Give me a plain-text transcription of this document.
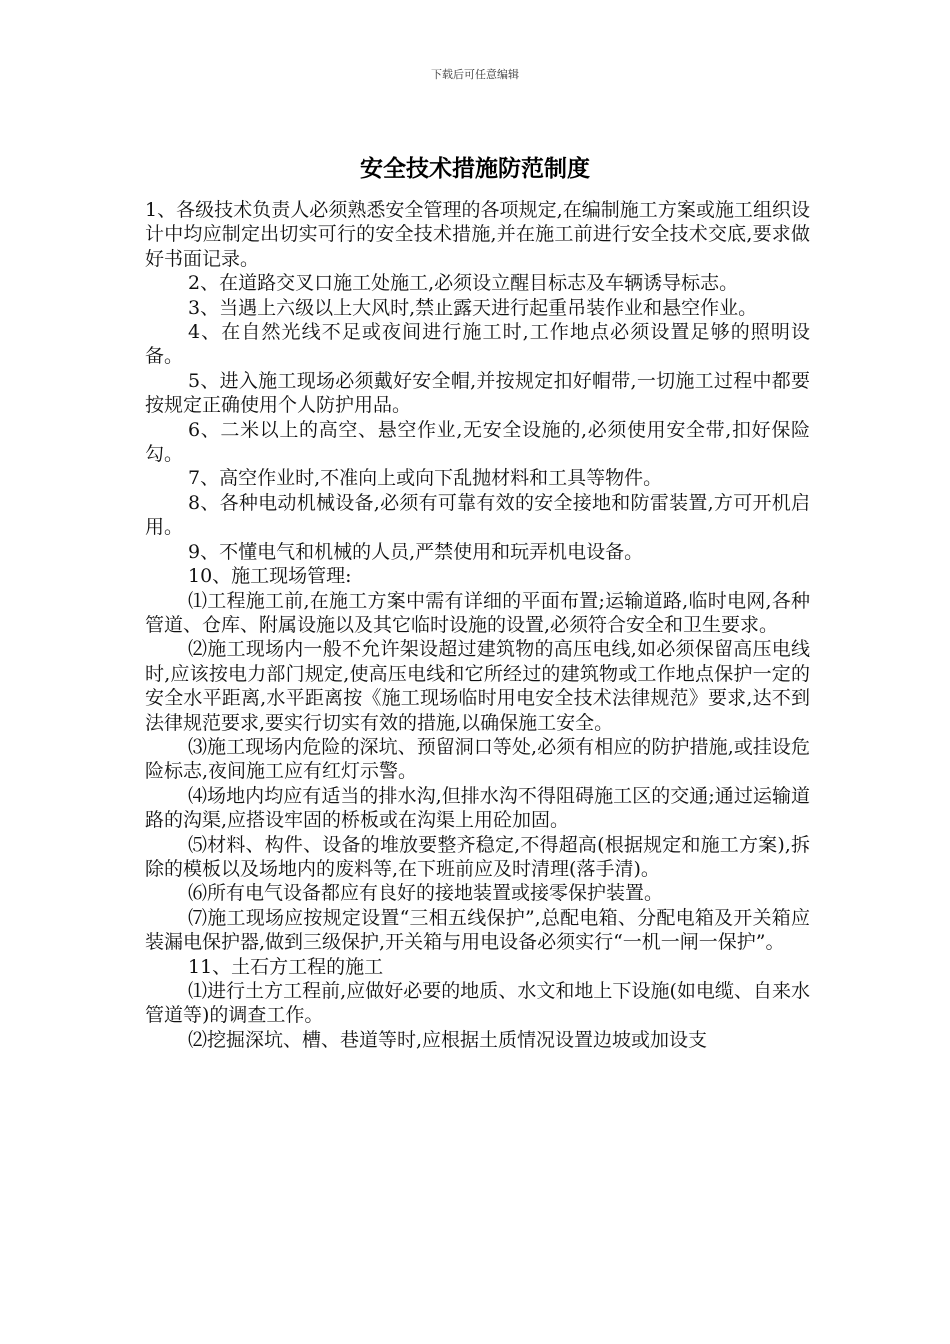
下载后可任意编辑
安全技术措施防范制度

1、各级技术负责人必须熟悉安全管理的各项规定,在编制施工方案或施工组织设计中均应制定出切实可行的安全技术措施,并在施工前进行安全技术交底,要求做好书面记录。

2、在道路交叉口施工处施工,必须设立醒目标志及车辆诱导标志。

3、当遇上六级以上大风时,禁止露天进行起重吊装作业和悬空作业。

4、在自然光线不足或夜间进行施工时,工作地点必须设置足够的照明设备。

5、进入施工现场必须戴好安全帽,并按规定扣好帽带,一切施工过程中都要按规定正确使用个人防护用品。

6、二米以上的高空、悬空作业,无安全设施的,必须使用安全带,扣好保险勾。

7、高空作业时,不准向上或向下乱抛材料和工具等物件。

8、各种电动机械设备,必须有可靠有效的安全接地和防雷装置,方可开机启用。

9、不懂电气和机械的人员,严禁使用和玩弄机电设备。

10、施工现场管理:

⑴工程施工前,在施工方案中需有详细的平面布置;运输道路,临时电网,各种管道、仓库、附属设施以及其它临时设施的设置,必须符合安全和卫生要求。

⑵施工现场内一般不允许架设超过建筑物的高压电线,如必须保留高压电线时,应该按电力部门规定,使高压电线和它所经过的建筑物或工作地点保护一定的安全水平距离,水平距离按《施工现场临时用电安全技术法律规范》要求,达不到法律规范要求,要实行切实有效的措施,以确保施工安全。

⑶施工现场内危险的深坑、预留洞口等处,必须有相应的防护措施,或挂设危险标志,夜间施工应有红灯示警。

⑷场地内均应有适当的排水沟,但排水沟不得阻碍施工区的交通;通过运输道路的沟渠,应搭设牢固的桥板或在沟渠上用砼加固。

⑸材料、构件、设备的堆放要整齐稳定,不得超高(根据规定和施工方案),拆除的模板以及场地内的废料等,在下班前应及时清理(落手清)。

⑹所有电气设备都应有良好的接地装置或接零保护装置。

⑺施工现场应按规定设置“三相五线保护”,总配电箱、分配电箱及开关箱应装漏电保护器,做到三级保护,开关箱与用电设备必须实行“一机一闸一保护”。

11、土石方工程的施工

⑴进行土方工程前,应做好必要的地质、水文和地上下设施(如电缆、自来水管道等)的调查工作。

⑵挖掘深坑、槽、巷道等时,应根据土质情况设置边坡或加设支
